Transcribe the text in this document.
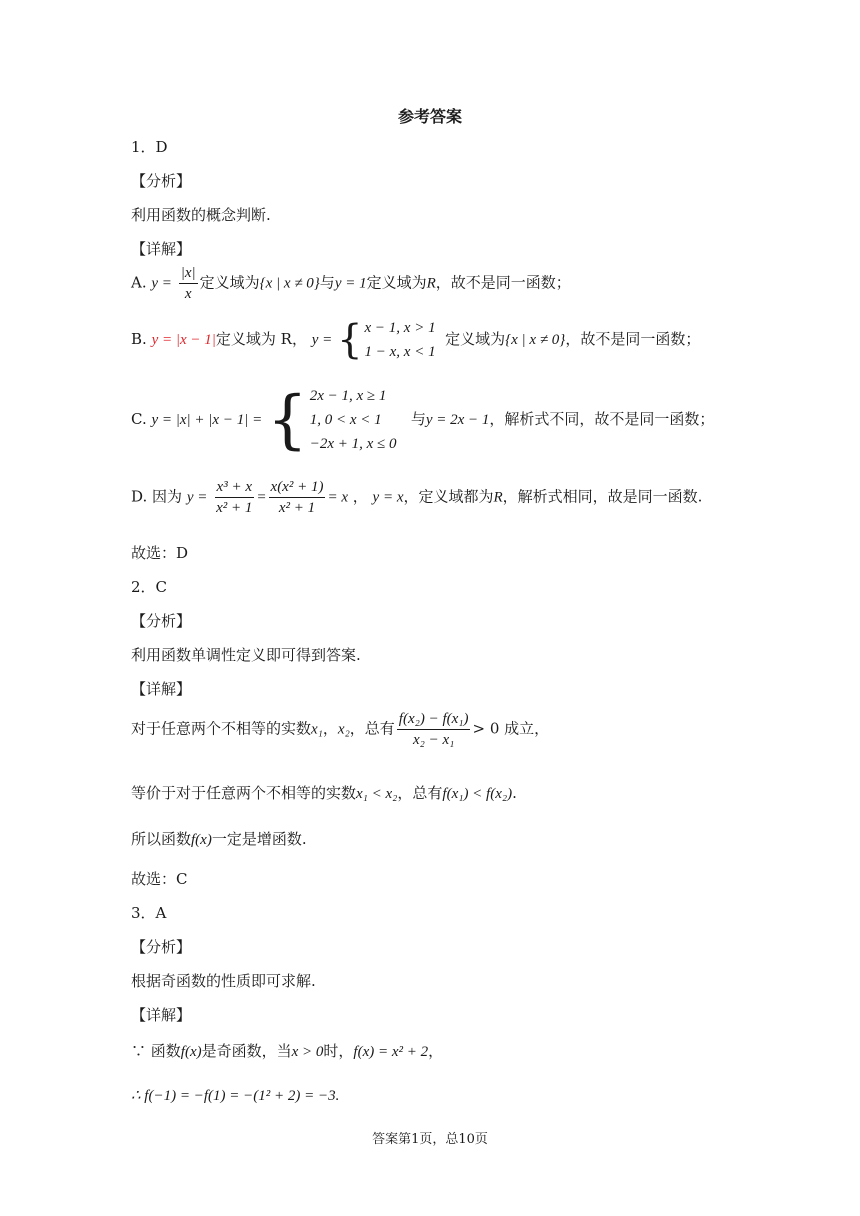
参考答案
1．D
【分析】
利用函数的概念判断.
【详解】
A. $y = \frac{|x|}{x}$ 定义域为{x | x ≠ 0}与y = 1定义域为R，故不是同一函数；
B. y = |x − 1|定义域为 R， y = { x − 1, x > 1
1 − x, x < 1
定义域为{x | x ≠ 0}，故不是同一函数；
C. y = |x| + |x − 1| = { 2x − 1, x ≥ 1
1, 0 < x < 1
−2x + 1, x ≤ 0
与y = 2x − 1，解析式不同，故不是同一函数；
D. 因为 $y = \frac{\text{x³ + x}}{\text{x² + 1}} = \frac{\text{x(x² + 1)}}{\text{x² + 1}} = x$ ， y = x，定义域都为R，解析式相同，故是同一函数.
故选：D
2．C
【分析】
利用函数单调性定义即可得到答案.
【详解】
对于任意两个不相等的实数x₁，x₂，总有 $\frac{\text{f(x₂) − f(x₁)}}{\text{x₂ − x₁}} > 0$ 成立，
等价于对于任意两个不相等的实数x₁ < x₂，总有f(x₁) < f(x₂).
所以函数f(x)一定是增函数.
故选：C
3．A
【分析】
根据奇函数的性质即可求解.
【详解】
∵ 函数f(x)是奇函数，当x > 0时，f(x) = x² + 2，
∴ f(−1) = −f(1) = −(1² + 2) = −3.
答案第1页，总10页
